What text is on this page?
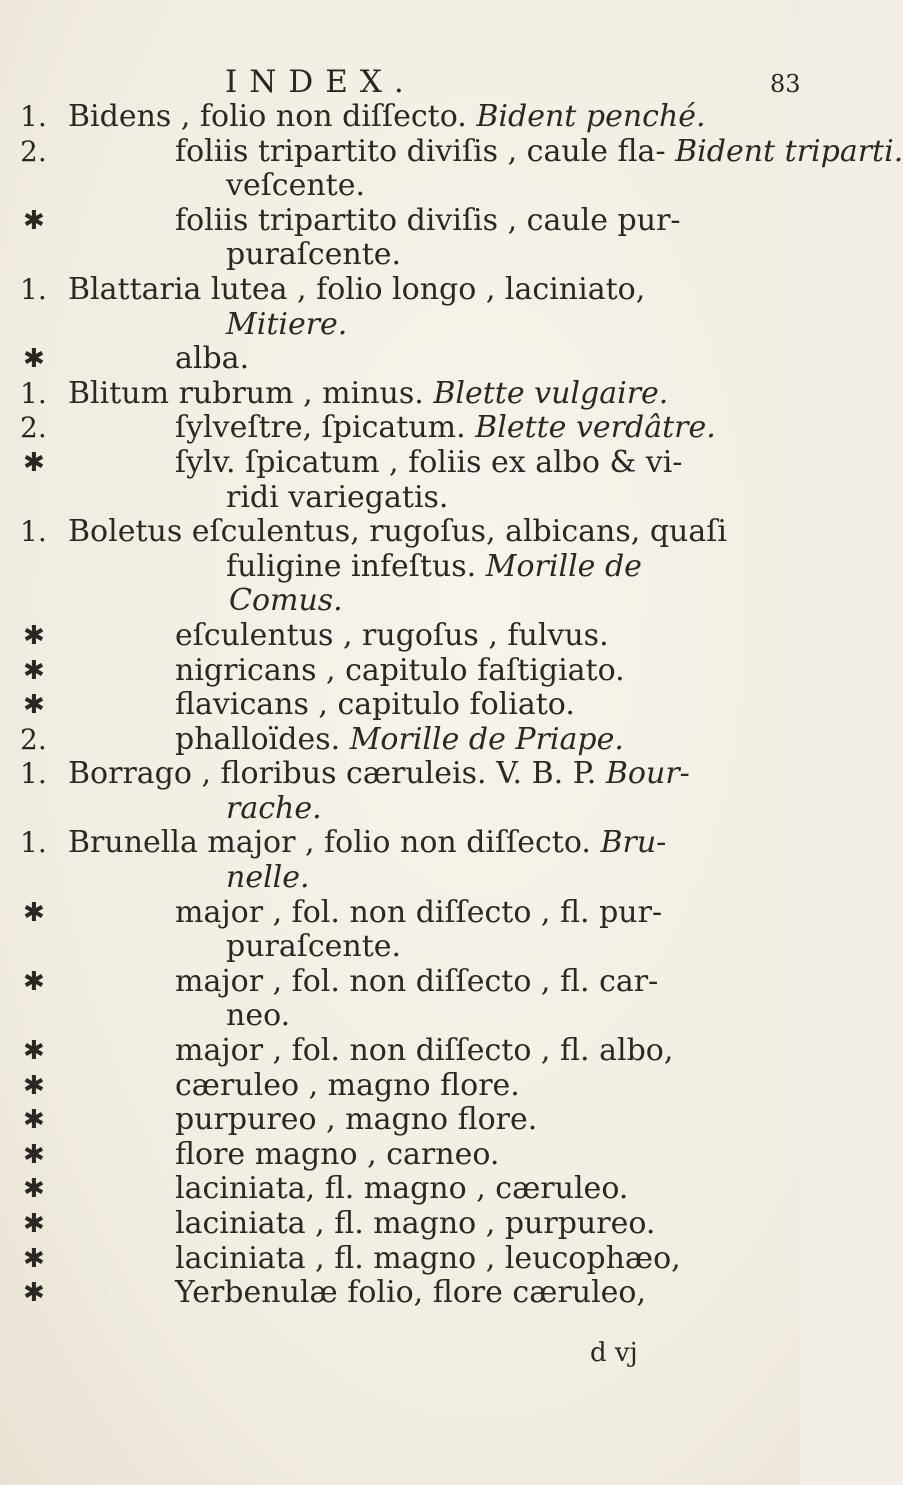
INDEX.	83
1. Bidens , folio non diſſecto. Bident penché.
2.	foliis tripartito diviſis , caule fla- Bident triparti.
veſcente.
✱	foliis tripartito diviſis , caule pur-
puraſcente.
1. Blattaria lutea , folio longo , laciniato,
Mitiere.
✱	alba.
1. Blitum rubrum , minus. Blette vulgaire.
2.	ſylveſtre, ſpicatum. Blette verdâtre.
✱	ſylv. ſpicatum , foliis ex albo & vi-
ridi variegatis.
1. Boletus eſculentus, rugoſus, albicans, quaſi
fuligine infeſtus. Morille de
Comus.
✱	eſculentus , rugoſus , fulvus.
✱	nigricans , capitulo faſtigiato.
✱	flavicans , capitulo foliato.
2.	phalloïdes. Morille de Priape.
1. Borrago , floribus cæruleis. V. B. P. Bour-
rache.
1. Brunella major , folio non diſſecto. Bru-
nelle.
✱	major , fol. non diſſecto , fl. pur-
puraſcente.
✱	major , fol. non diſſecto , fl. car-
neo.
✱	major , fol. non diſſecto , fl. albo,
✱	cæruleo , magno flore.
✱	purpureo , magno flore.
✱	flore magno , carneo.
✱	laciniata, fl. magno , cæruleo.
✱	laciniata , fl. magno , purpureo.
✱	laciniata , fl. magno , leucophæo,
✱	Yerbenulæ folio, flore cæruleo,
d vj
